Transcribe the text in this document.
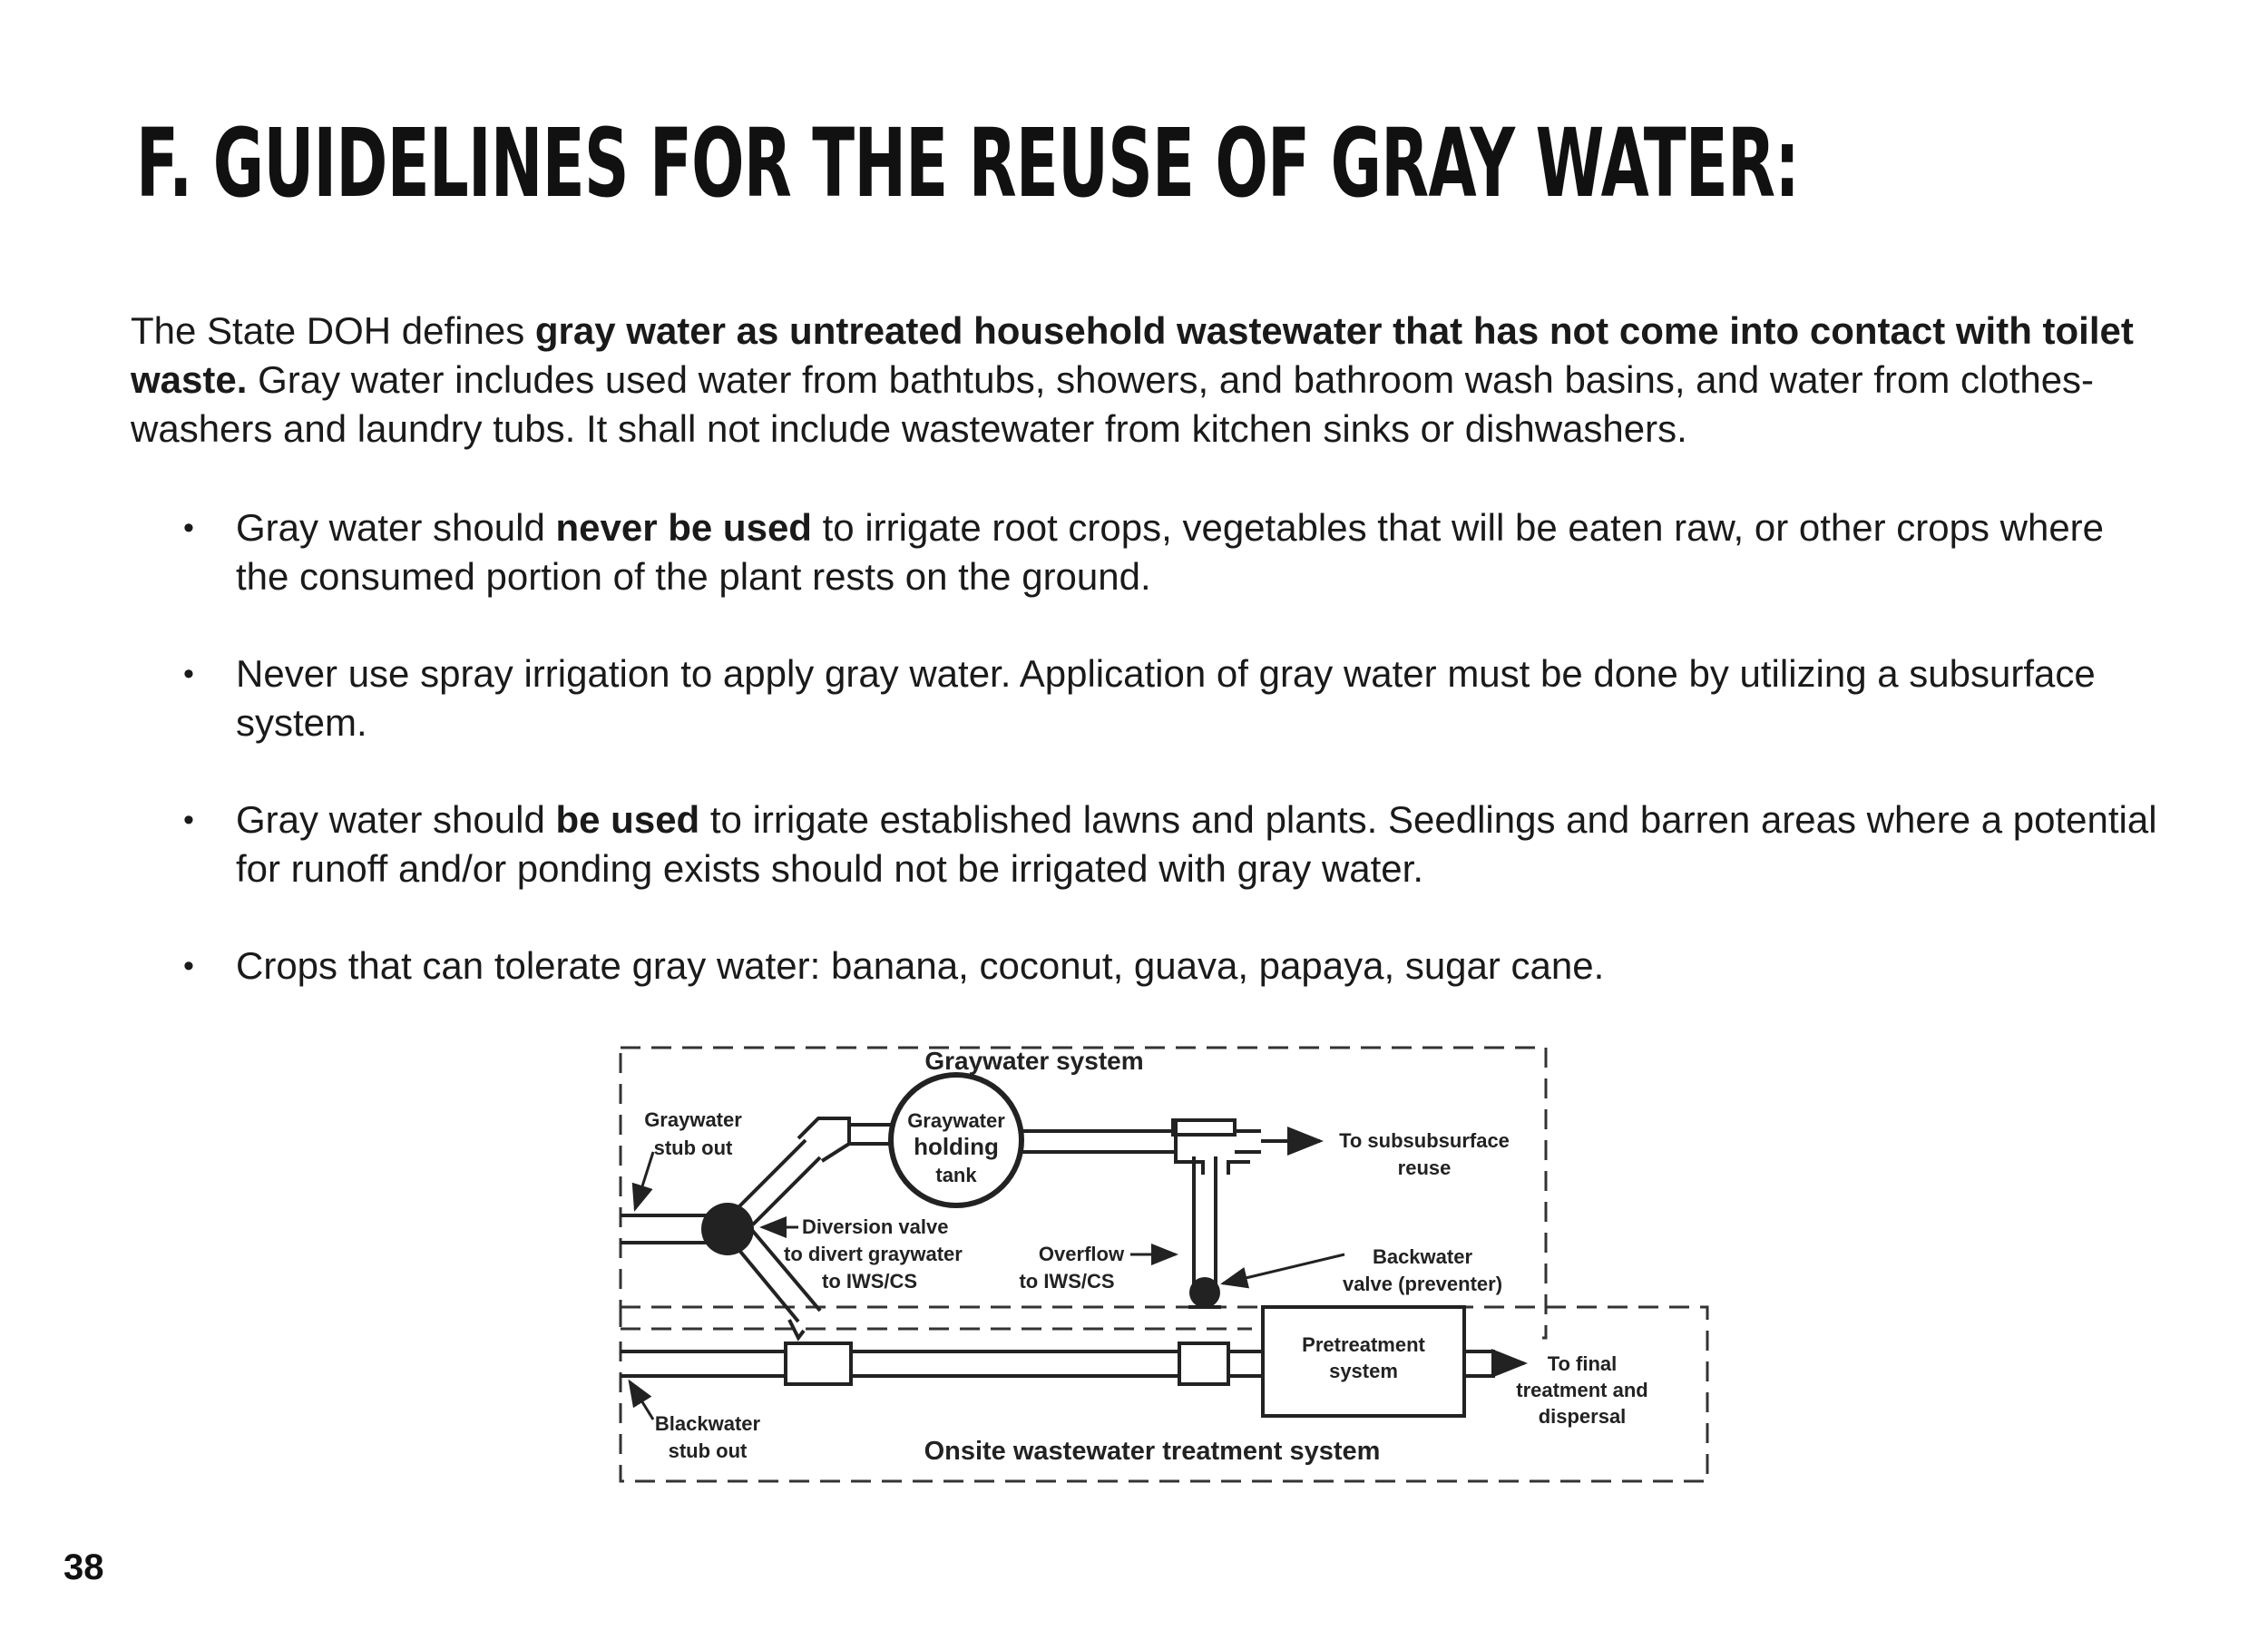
F. GUIDELINES FOR THE REUSE OF GRAY WATER:

The State DOH defines gray water as untreated household wastewater that has not come into contact with toilet waste. Gray water includes used water from bathtubs, showers, and bathroom wash basins, and water from clothes-washers and laundry tubs. It shall not include wastewater from kitchen sinks or dishwashers.

• Gray water should never be used to irrigate root crops, vegetables that will be eaten raw, or other crops where the consumed portion of the plant rests on the ground.
• Never use spray irrigation to apply gray water. Application of gray water must be done by utilizing a subsurface system.
• Gray water should be used to irrigate established lawns and plants. Seedlings and barren areas where a potential for runoff and/or ponding exists should not be irrigated with gray water.
• Crops that can tolerate gray water: banana, coconut, guava, papaya, sugar cane.
Graywater system
Graywater
stub out
Graywater
holding
tank
To subsubsurface
reuse
Diversion valve
to divert graywater
to IWS/CS
Overflow
to IWS/CS
Backwater
valve (preventer)
Pretreatment
system	To final
treatment and
dispersal
Blackwater
stub out	Onsite wastewater treatment system
38
